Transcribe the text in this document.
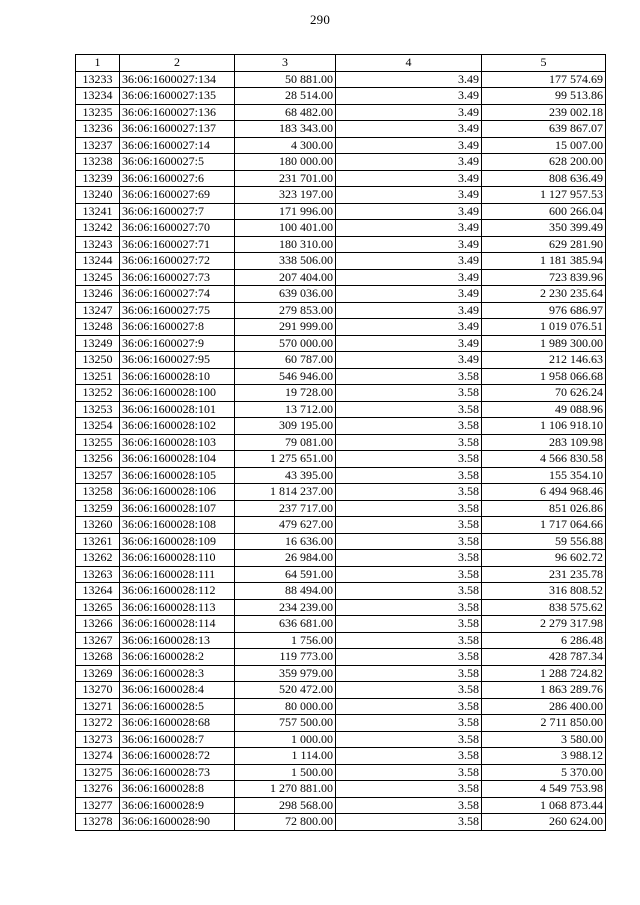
290
1	2	3	4	5
13233	36:06:1600027:134	50 881.00	3.49	177 574.69
13234	36:06:1600027:135	28 514.00	3.49	99 513.86
13235	36:06:1600027:136	68 482.00	3.49	239 002.18
13236	36:06:1600027:137	183 343.00	3.49	639 867.07
13237	36:06:1600027:14	4 300.00	3.49	15 007.00
13238	36:06:1600027:5	180 000.00	3.49	628 200.00
13239	36:06:1600027:6	231 701.00	3.49	808 636.49
13240	36:06:1600027:69	323 197.00	3.49	1 127 957.53
13241	36:06:1600027:7	171 996.00	3.49	600 266.04
13242	36:06:1600027:70	100 401.00	3.49	350 399.49
13243	36:06:1600027:71	180 310.00	3.49	629 281.90
13244	36:06:1600027:72	338 506.00	3.49	1 181 385.94
13245	36:06:1600027:73	207 404.00	3.49	723 839.96
13246	36:06:1600027:74	639 036.00	3.49	2 230 235.64
13247	36:06:1600027:75	279 853.00	3.49	976 686.97
13248	36:06:1600027:8	291 999.00	3.49	1 019 076.51
13249	36:06:1600027:9	570 000.00	3.49	1 989 300.00
13250	36:06:1600027:95	60 787.00	3.49	212 146.63
13251	36:06:1600028:10	546 946.00	3.58	1 958 066.68
13252	36:06:1600028:100	19 728.00	3.58	70 626.24
13253	36:06:1600028:101	13 712.00	3.58	49 088.96
13254	36:06:1600028:102	309 195.00	3.58	1 106 918.10
13255	36:06:1600028:103	79 081.00	3.58	283 109.98
13256	36:06:1600028:104	1 275 651.00	3.58	4 566 830.58
13257	36:06:1600028:105	43 395.00	3.58	155 354.10
13258	36:06:1600028:106	1 814 237.00	3.58	6 494 968.46
13259	36:06:1600028:107	237 717.00	3.58	851 026.86
13260	36:06:1600028:108	479 627.00	3.58	1 717 064.66
13261	36:06:1600028:109	16 636.00	3.58	59 556.88
13262	36:06:1600028:110	26 984.00	3.58	96 602.72
13263	36:06:1600028:111	64 591.00	3.58	231 235.78
13264	36:06:1600028:112	88 494.00	3.58	316 808.52
13265	36:06:1600028:113	234 239.00	3.58	838 575.62
13266	36:06:1600028:114	636 681.00	3.58	2 279 317.98
13267	36:06:1600028:13	1 756.00	3.58	6 286.48
13268	36:06:1600028:2	119 773.00	3.58	428 787.34
13269	36:06:1600028:3	359 979.00	3.58	1 288 724.82
13270	36:06:1600028:4	520 472.00	3.58	1 863 289.76
13271	36:06:1600028:5	80 000.00	3.58	286 400.00
13272	36:06:1600028:68	757 500.00	3.58	2 711 850.00
13273	36:06:1600028:7	1 000.00	3.58	3 580.00
13274	36:06:1600028:72	1 114.00	3.58	3 988.12
13275	36:06:1600028:73	1 500.00	3.58	5 370.00
13276	36:06:1600028:8	1 270 881.00	3.58	4 549 753.98
13277	36:06:1600028:9	298 568.00	3.58	1 068 873.44
13278	36:06:1600028:90	72 800.00	3.58	260 624.00
